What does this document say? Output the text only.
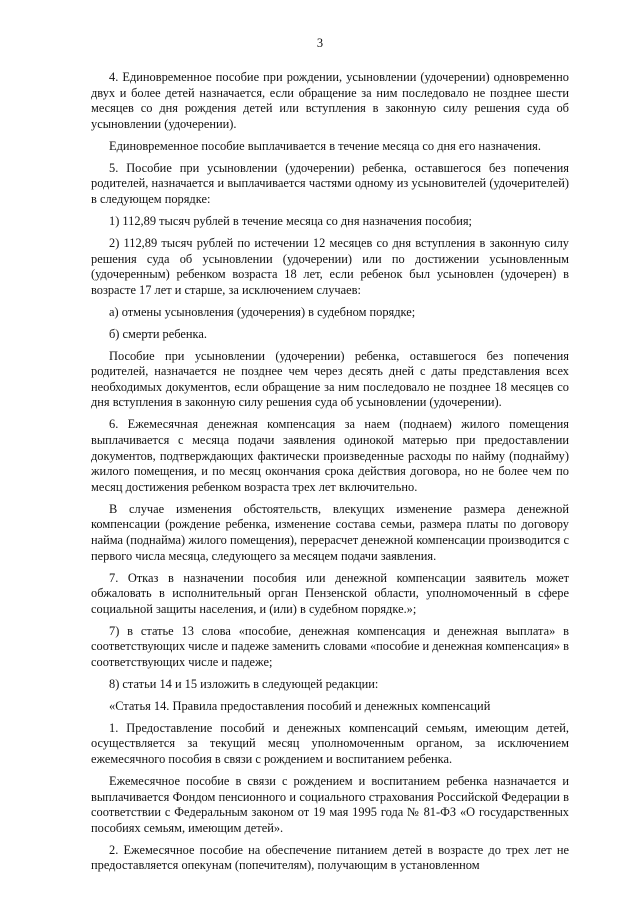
3

4. Единовременное пособие при рождении, усыновлении (удочерении) одновременно двух и более детей назначается, если обращение за ним последовало не позднее шести месяцев со дня рождения детей или вступления в законную силу решения суда об усыновлении (удочерении).

Единовременное пособие выплачивается в течение месяца со дня его назначения.

5. Пособие при усыновлении (удочерении) ребенка, оставшегося без попечения родителей, назначается и выплачивается частями одному из усыновителей (удочерителей) в следующем порядке:

1) 112,89 тысяч рублей в течение месяца со дня назначения пособия;

2) 112,89 тысяч рублей по истечении 12 месяцев со дня вступления в законную силу решения суда об усыновлении (удочерении) или по достижении усыновленным (удочеренным) ребенком возраста 18 лет, если ребенок был усыновлен (удочерен) в возрасте 17 лет и старше, за исключением случаев:

а) отмены усыновления (удочерения) в судебном порядке;

б) смерти ребенка.

Пособие при усыновлении (удочерении) ребенка, оставшегося без попечения родителей, назначается не позднее чем через десять дней с даты представления всех необходимых документов, если обращение за ним последовало не позднее 18 месяцев со дня вступления в законную силу решения суда об усыновлении (удочерении).

6. Ежемесячная денежная компенсация за наем (поднаем) жилого помещения выплачивается с месяца подачи заявления одинокой матерью при предоставлении документов, подтверждающих фактически произведенные расходы по найму (поднайму) жилого помещения, и по месяц окончания срока действия договора, но не более чем по месяц достижения ребенком возраста трех лет включительно.

В случае изменения обстоятельств, влекущих изменение размера денежной компенсации (рождение ребенка, изменение состава семьи, размера платы по договору найма (поднайма) жилого помещения), перерасчет денежной компенсации производится с первого числа месяца, следующего за месяцем подачи заявления.

7. Отказ в назначении пособия или денежной компенсации заявитель может обжаловать в исполнительный орган Пензенской области, уполномоченный в сфере социальной защиты населения, и (или) в судебном порядке.»;

7) в статье 13 слова «пособие, денежная компенсация и денежная выплата» в соответствующих числе и падеже заменить словами «пособие и денежная компенсация» в соответствующих числе и падеже;

8) статьи 14 и 15 изложить в следующей редакции:

«Статья 14. Правила предоставления пособий и денежных компенсаций

1. Предоставление пособий и денежных компенсаций семьям, имеющим детей, осуществляется за текущий месяц уполномоченным органом, за исключением ежемесячного пособия в связи с рождением и воспитанием ребенка.

Ежемесячное пособие в связи с рождением и воспитанием ребенка назначается и выплачивается Фондом пенсионного и социального страхования Российской Федерации в соответствии с Федеральным законом от 19 мая 1995 года № 81-ФЗ «О государственных пособиях семьям, имеющим детей».

2. Ежемесячное пособие на обеспечение питанием детей в возрасте до трех лет не предоставляется опекунам (попечителям), получающим в установленном
